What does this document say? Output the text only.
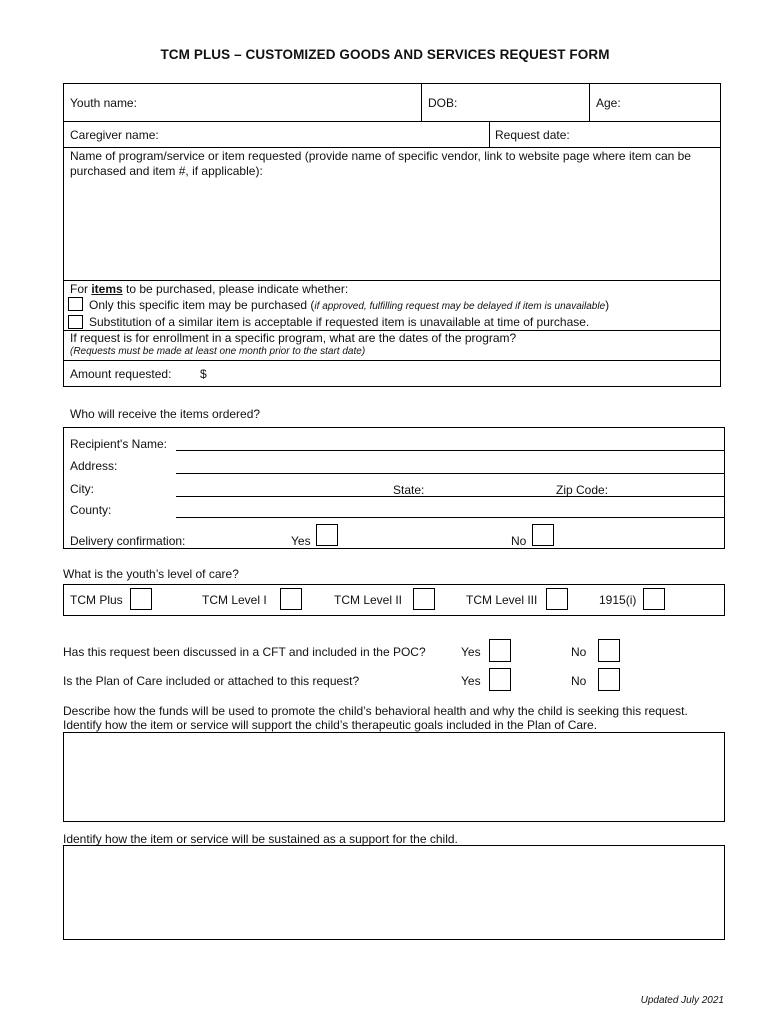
TCM PLUS – CUSTOMIZED GOODS AND SERVICES REQUEST FORM
Youth name:	DOB:	Age:
Caregiver name:	Request date:
Name of program/service or item requested (provide name of specific vendor, link to website page where item can be purchased and item #, if applicable):
For items to be purchased, please indicate whether:
Only this specific item may be purchased (if approved, fulfilling request may be delayed if item is unavailable)
Substitution of a similar item is acceptable if requested item is unavailable at time of purchase.
If request is for enrollment in a specific program, what are the dates of the program?
(Requests must be made at least one month prior to the start date)
Amount requested: $
Who will receive the items ordered?
Recipient's Name:
Address:
City:	State:	Zip Code:
County:
Delivery confirmation:	Yes	No
What is the youth’s level of care?
TCM Plus	TCM Level I	TCM Level II	TCM Level III	1915(i)
Has this request been discussed in a CFT and included in the POC?	Yes	No
Is the Plan of Care included or attached to this request?	Yes	No
Describe how the funds will be used to promote the child’s behavioral health and why the child is seeking this request.
Identify how the item or service will support the child’s therapeutic goals included in the Plan of Care.
Identify how the item or service will be sustained as a support for the child.
Updated July 2021
